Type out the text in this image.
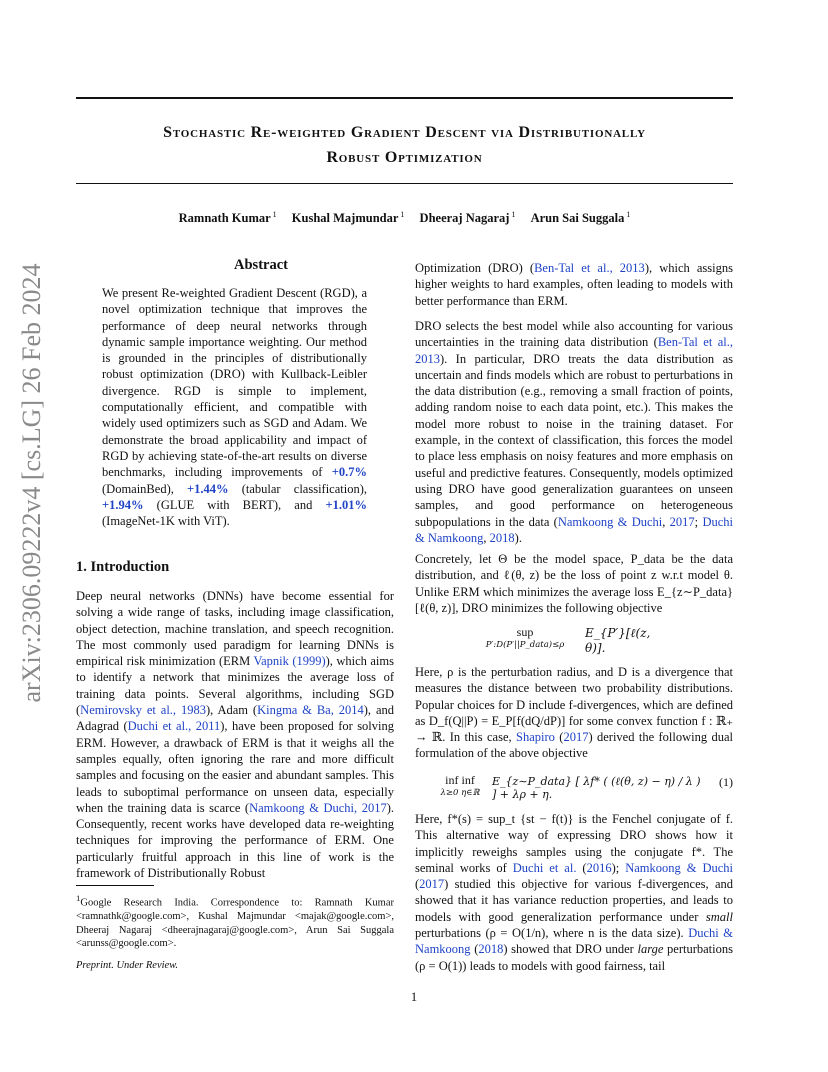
Stochastic Re-weighted Gradient Descent via Distributionally
Robust Optimization
Ramnath Kumar $^1$ Kushal Majmundar $^1$ Dheeraj Nagaraj $^1$ Arun Sai Suggala $^1$
arXiv:2306.09222v4 [cs.LG] 26 Feb 2024	Abstract
We present Re-weighted Gradient Descent (RGD), a novel optimization technique that improves the performance of deep neural networks through dynamic sample importance weighting. Our method is grounded in the principles of distributionally robust optimization (DRO) with Kullback-Leibler divergence. RGD is simple to implement, computationally efficient, and compatible with widely used optimizers such as SGD and Adam. We demonstrate the broad applicability and impact of RGD by achieving state-of-the-art results on diverse benchmarks, including improvements of +0.7% (DomainBed), +1.44% (tabular classification), +1.94% (GLUE with BERT), and +1.01% (ImageNet-1K with ViT).
1. Introduction
Deep neural networks (DNNs) have become essential for solving a wide range of tasks, including image classification, object detection, machine translation, and speech recognition. The most commonly used paradigm for learning DNNs is empirical risk minimization (ERM Vapnik (1999)), which aims to identify a network that minimizes the average loss of training data points. Several algorithms, including SGD (Nemirovsky et al., 1983), Adam (Kingma & Ba, 2014), and Adagrad (Duchi et al., 2011), have been proposed for solving ERM. However, a drawback of ERM is that it weighs all the samples equally, often ignoring the rare and more difficult samples and focusing on the easier and abundant samples. This leads to suboptimal performance on unseen data, especially when the training data is scarce (Namkoong & Duchi, 2017). Consequently, recent works have developed data re-weighting techniques for improving the performance of ERM. One particularly fruitful approach in this line of work is the framework of Distributionally Robust
$^1$Google Research India. Correspondence to: Ramnath Kumar <ramnathk@google.com>, Kushal Majmundar <majak@google.com>, Dheeraj Nagaraj <dheerajnagaraj@google.com>, Arun Sai Suggala <arunss@google.com>.
Preprint. Under Review.
Optimization (DRO) (Ben-Tal et al., 2013), which assigns higher weights to hard examples, often leading to models with better performance than ERM.
DRO selects the best model while also accounting for various uncertainties in the training data distribution (Ben-Tal et al., 2013). In particular, DRO treats the data distribution as uncertain and finds models which are robust to perturbations in the data distribution (e.g., removing a small fraction of points, adding random noise to each data point, etc.). This makes the model more robust to noise in the training dataset. For example, in the context of classification, this forces the model to place less emphasis on noisy features and more emphasis on useful and predictive features. Consequently, models optimized using DRO have good generalization guarantees on unseen samples, and good performance on heterogeneous subpopulations in the data (Namkoong & Duchi, 2017; Duchi & Namkoong, 2018).
Concretely, let Θ be the model space, P_data be the data distribution, and ℓ(θ, z) be the loss of point z w.r.t model θ. Unlike ERM which minimizes the average loss E_{z∼P_data}[ℓ(θ, z)], DRO minimizes the following objective
sup
P′:D(P′||P_data)≤ρ
E_{P′}[ℓ(z, θ)].
Here, ρ is the perturbation radius, and D is a divergence that measures the distance between two probability distributions. Popular choices for D include f-divergences, which are defined as D_f(Q||P) = E_P[f(dQ/dP)] for some convex function f : ℝ₊ → ℝ. In this case, Shapiro (2017) derived the following dual formulation of the above objective
inf inf
λ≥0 η∈ℝ
E_{z∼P_data} [ λf* ( (ℓ(θ, z) − η) / λ ) ] + λρ + η.
(1)
Here, f*(s) = sup_t {st − f(t)} is the Fenchel conjugate of f. This alternative way of expressing DRO shows how it implicitly reweighs samples using the conjugate f*. The seminal works of Duchi et al. (2016); Namkoong & Duchi (2017) studied this objective for various f-divergences, and showed that it has variance reduction properties, and leads to models with good generalization performance under small perturbations (ρ = O(1/n), where n is the data size). Duchi & Namkoong (2018) showed that DRO under large perturbations (ρ = O(1)) leads to models with good fairness, tail
1
